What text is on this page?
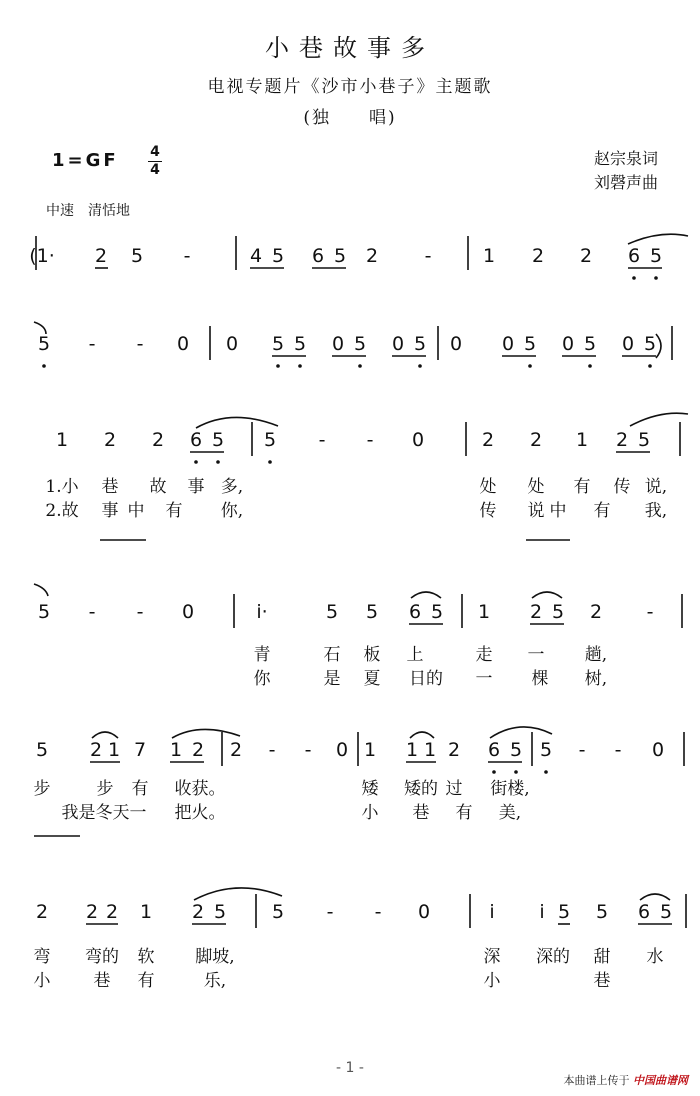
小巷故事多
电视专题片《沙市小巷子》主题歌
(独　　唱)
1=GF 4
4
赵宗泉词
刘磬声曲
中速　清恬地
(1· 2 5 -	4 5 6 5 2 -	1 2 2 6 5
5 - - 0 0 5 5 0 5 0 5 0 0 5 0 5 0 5
1 2 2 6 5 5 - - 0	2 2 1 2 5
5 - - 0	i·	5 5 6 5 1 2 5 2 -
5 2 1 7 1 2 2 - - 0 1 1 1 2 6 5 5 - - 0
2 2 2 1 2 5 5 - - 0	i i 5 5 6 5
1.小 巷 故 事 多,	处 处 有 传 说,
2.故 事 中 有 你,	传 说 中 有 我,
青	石 板 上	走 一 趟,
你	是 夏 日的 一 棵 树,
步	步 有 收获。	矮 矮的 过 街楼,
我是冬天一 把火。	小 巷 有 美,
弯 弯的 软 脚坡,	深 深的 甜 水
小	巷 有	乐,	小	巷
- 1 -
本曲谱上传于 中国曲谱网
